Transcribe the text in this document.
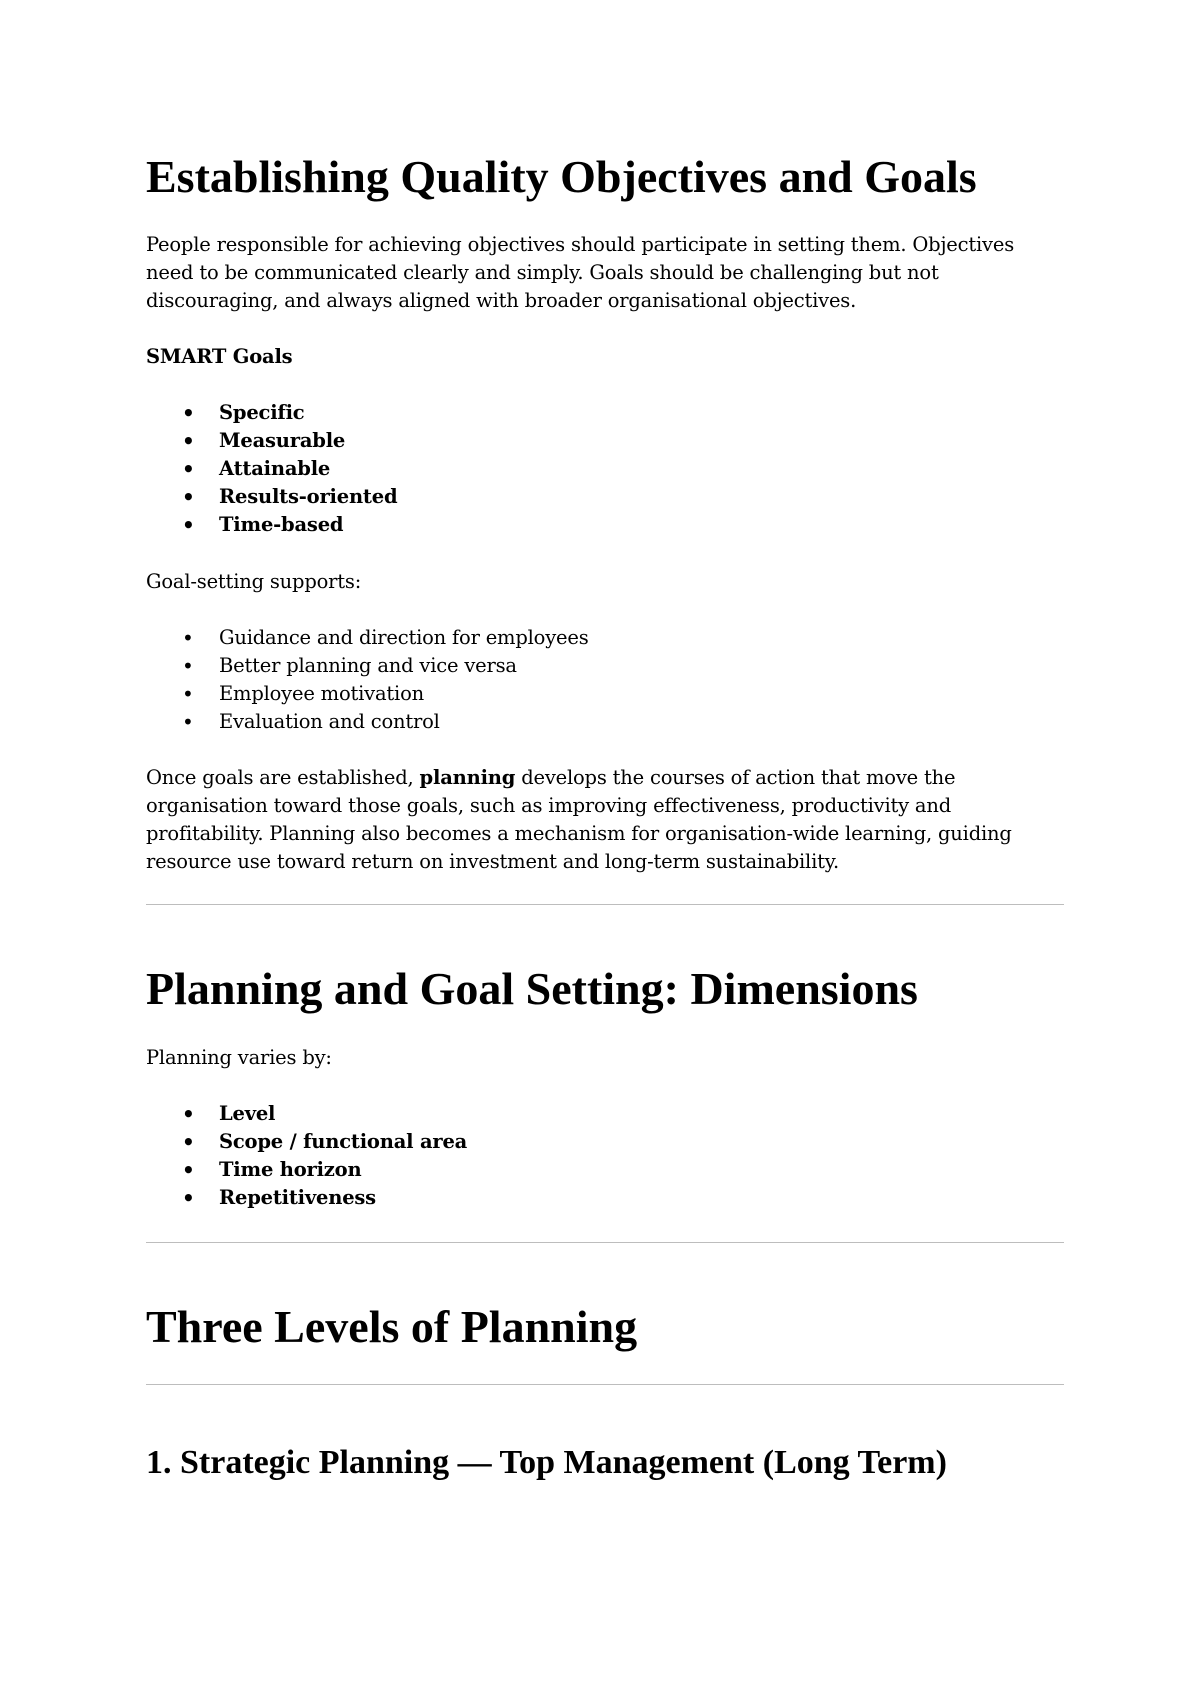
Establishing Quality Objectives and Goals

People responsible for achieving objectives should participate in setting them. Objectives need to be communicated clearly and simply. Goals should be challenging but not discouraging, and always aligned with broader organisational objectives.

SMART Goals

• Specific
• Measurable
• Attainable
• Results-oriented
• Time-based

Goal-setting supports:

• Guidance and direction for employees
• Better planning and vice versa
• Employee motivation
• Evaluation and control

Once goals are established, planning develops the courses of action that move the organisation toward those goals, such as improving effectiveness, productivity and profitability. Planning also becomes a mechanism for organisation-wide learning, guiding resource use toward return on investment and long-term sustainability.

Planning and Goal Setting: Dimensions

Planning varies by:

• Level
• Scope / functional area
• Time horizon
• Repetitiveness
Three Levels of Planning
1. Strategic Planning — Top Management (Long Term)
